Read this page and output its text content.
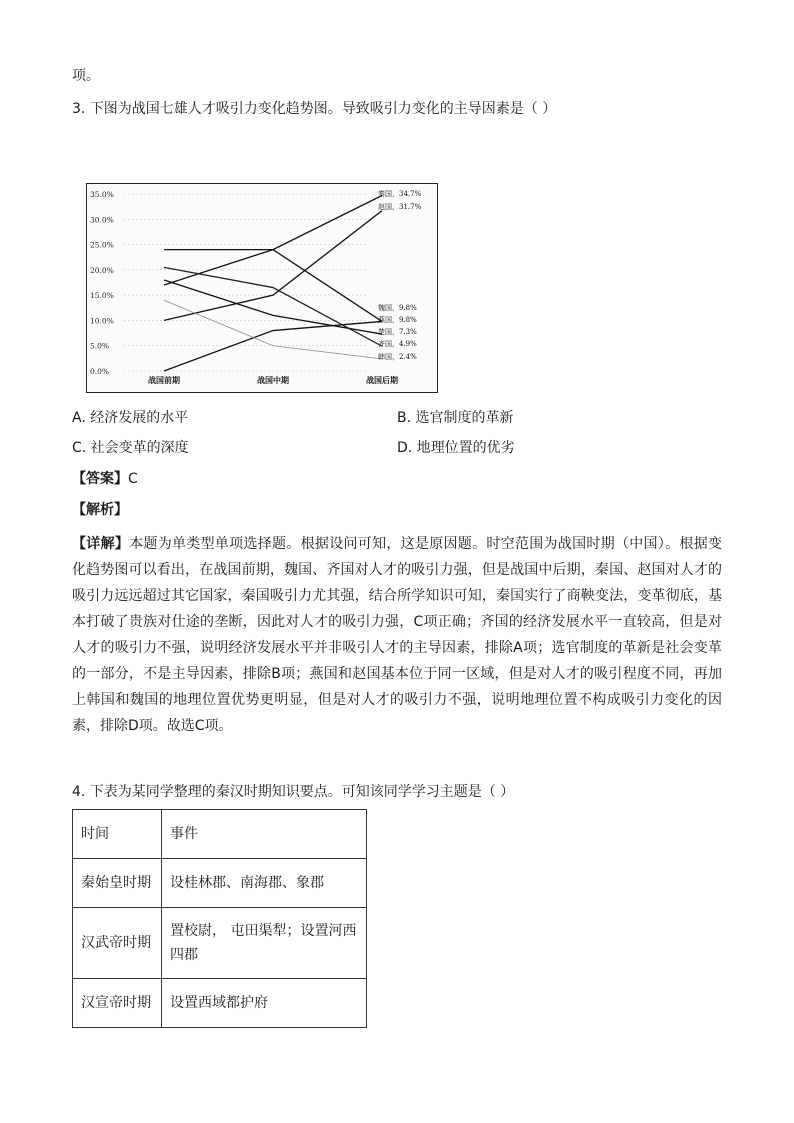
项。
3. 下图为战国七雄人才吸引力变化趋势图。导致吸引力变化的主导因素是（ ）
35.0%
30.0%
25.0%
20.0%
15.0%
10.0%
5.0%
0.0%
战国前期	战国中期	战国后期
秦国，34.7%
赵国，31.7%
魏国，9.8%
燕国，9.8%
楚国，7.3%
齐国，4.9%
韩国，2.4%
A. 经济发展的水平	B. 选官制度的革新
C. 社会变革的深度	D. 地理位置的优劣
【答案】C
【解析】
【详解】本题为单类型单项选择题。根据设问可知，这是原因题。时空范围为战国时期（中国）。根据变化趋势图可以看出，在战国前期，魏国、齐国对人才的吸引力强，但是战国中后期，秦国、赵国对人才的吸引力远远超过其它国家，秦国吸引力尤其强，结合所学知识可知，秦国实行了商鞅变法，变革彻底，基本打破了贵族对仕途的垄断，因此对人才的吸引力强，C项正确；齐国的经济发展水平一直较高，但是对人才的吸引力不强，说明经济发展水平并非吸引人才的主导因素，排除A项；选官制度的革新是社会变革的一部分，不是主导因素，排除B项；燕国和赵国基本位于同一区域，但是对人才的吸引程度不同，再加上韩国和魏国的地理位置优势更明显，但是对人才的吸引力不强，说明地理位置不构成吸引力变化的因素，排除D项。故选C项。
4. 下表为某同学整理的秦汉时期知识要点。可知该同学学习主题是（ ）
时间	事件
秦始皇时期	设桂林郡、南海郡、象郡
汉武帝时期	置校尉， 屯田渠犁；设置河西四郡
汉宣帝时期	设置西域都护府
